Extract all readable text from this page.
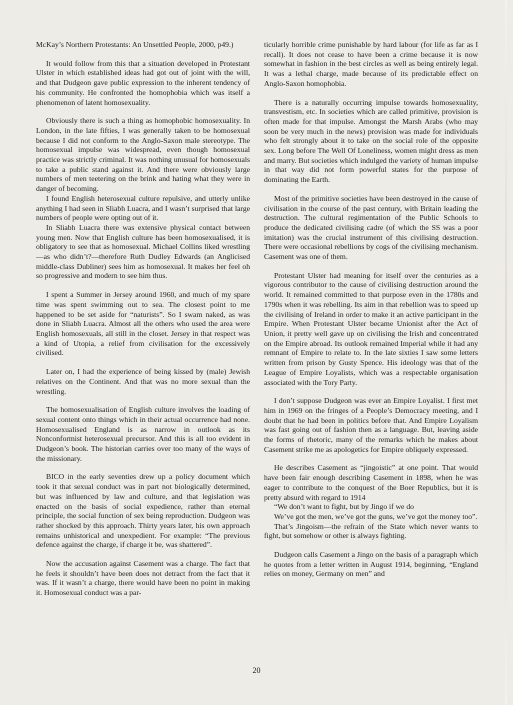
McKay’s Northern Protestants: An Unsettled People, 2000, p49.)

It would follow from this that a situation developed in Protestant Ulster in which established ideas had got out of joint with the will, and that Dudgeon gave public expression to the inherent tendency of his community. He confronted the homophobia which was itself a phenomenon of latent homosexuality.

Obviously there is such a thing as homophobic homosexuality. In London, in the late fifties, I was generally taken to be homosexual because I did not conform to the Anglo-Saxon male stereotype. The homosexual impulse was widespread, even though homosexual practice was strictly criminal. It was nothing unusual for homosexuals to take a public stand against it. And there were obviously large numbers of men teetering on the brink and hating what they were in danger of becoming.

I found English heterosexual culture repulsive, and utterly unlike anything I had seen in Sliabh Luacra, and I wasn’t surprised that large numbers of people were opting out of it.

In Sliabh Luacra there was extensive physical contact between young men. Now that English culture has been homosexualised, it is obligatory to see that as homosexual. Michael Collins liked wrestling—as who didn’t?—therefore Ruth Dudley Edwards (an Anglicised middle-class Dubliner) sees him as homosexual. It makes her feel oh so progressive and modern to see him thus.

I spent a Summer in Jersey around 1960, and much of my spare time was spent swimming out to sea. The closest point to me happened to be set aside for “naturists”. So I swam naked, as was done in Sliabh Luacra. Almost all the others who used the area were English homosexuals, all still in the closet. Jersey in that respect was a kind of Utopia, a relief from civilisation for the excessively civilised.

Later on, I had the experience of being kissed by (male) Jewish relatives on the Continent. And that was no more sexual than the wrestling.

The homosexualisation of English culture involves the loading of sexual content onto things which in their actual occurrence had none. Homosexualised England is as narrow in outlook as its Nonconformist heterosexual precursor. And this is all too evident in Dudgeon’s book. The historian carries over too many of the ways of the missionary.

BICO in the early seventies drew up a policy document which took it that sexual conduct was in part not biologically determined, but was influenced by law and culture, and that legislation was enacted on the basis of social expedience, rather than eternal principle, the social function of sex being reproduction. Dudgeon was rather shocked by this approach. Thirty years later, his own approach remains unhistorical and unexpedient. For example: “The previous defence against the charge, if charge it be, was shattered”.

Now the accusation against Casement was a charge. The fact that he feels it shouldn’t have been does not detract from the fact that it was. If it wasn’t a charge, there would have been no point in making it. Homosexual conduct was a par-

ticularly horrible crime punishable by hard labour (for life as far as I recall). It does not cease to have been a crime because it is now somewhat in fashion in the best circles as well as being entirely legal. It was a lethal charge, made because of its predictable effect on Anglo-Saxon homophobia.

There is a naturally occurring impulse towards homosexuality, transvestism, etc. In societies which are called primitive, provision is often made for that impulse. Amongst the Marsh Arabs (who may soon be very much in the news) provision was made for individuals who felt strongly about it to take on the social role of the opposite sex. Long before The Well Of Loneliness, women might dress as men and marry. But societies which indulged the variety of human impulse in that way did not form powerful states for the purpose of dominating the Earth.

Most of the primitive societies have been destroyed in the cause of civilisation in the course of the past century, with Britain leading the destruction. The cultural regimentation of the Public Schools to produce the dedicated civilising cadre (of which the SS was a poor imitation) was the crucial instrument of this civilising destruction. There were occasional rebellions by cogs of the civilising mechanism. Casement was one of them.

Protestant Ulster had meaning for itself over the centuries as a vigorous contributor to the cause of civilising destruction around the world. It remained committed to that purpose even in the 1780s and 1790s when it was rebelling. Its aim in that rebellion was to speed up the civilising of Ireland in order to make it an active participant in the Empire. When Protestant Ulster became Unionist after the Act of Union, it pretty well gave up on civilising the Irish and concentrated on the Empire abroad. Its outlook remained Imperial while it had any remnant of Empire to relate to. In the late sixties I saw some letters written from prison by Gusty Spence. His ideology was that of the League of Empire Loyalists, which was a respectable organisation associated with the Tory Party.

I don’t suppose Dudgeon was ever an Empire Loyalist. I first met him in 1969 on the fringes of a People’s Democracy meeting, and I doubt that he had been in politics before that. And Empire Loyalism was fast going out of fashion then as a language. But, leaving aside the forms of rhetoric, many of the remarks which he makes about Casement strike me as apologetics for Empire obliquely expressed.

He describes Casement as “jingoistic” at one point. That would have been fair enough describing Casement in 1898, when he was eager to contribute to the conquest of the Boer Republics, but it is pretty absurd with regard to 1914

“We don’t want to fight, but by Jingo if we do

We’ve got the men, we’ve got the guns, we’ve got the money too”.

That’s Jingoism—the refrain of the State which never wants to fight, but somehow or other is always fighting.

Dudgeon calls Casement a Jingo on the basis of a paragraph which he quotes from a letter written in August 1914, beginning, “England relies on money, Germany on men” and

20
